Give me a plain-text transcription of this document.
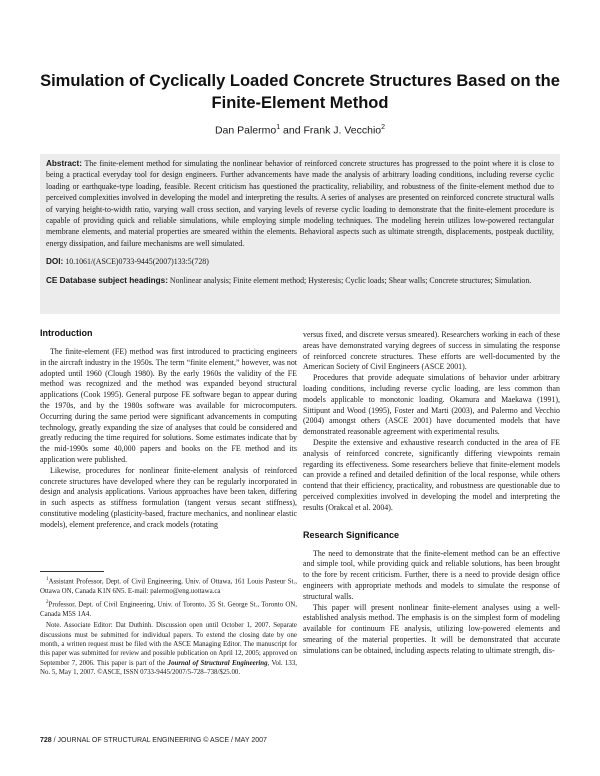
Simulation of Cyclically Loaded Concrete Structures Based on the Finite-Element Method
Dan Palermo$^1$ and Frank J. Vecchio$^2$

Abstract: The finite-element method for simulating the nonlinear behavior of reinforced concrete structures has progressed to the point where it is close to being a practical everyday tool for design engineers. Further advancements have made the analysis of arbitrary loading conditions, including reverse cyclic loading or earthquake-type loading, feasible. Recent criticism has questioned the practicality, reliability, and robustness of the finite-element method due to perceived complexities involved in developing the model and interpreting the results. A series of analyses are presented on reinforced concrete structural walls of varying height-to-width ratio, varying wall cross section, and varying levels of reverse cyclic loading to demonstrate that the finite-element procedure is capable of providing quick and reliable simulations, while employing simple modeling techniques. The modeling herein utilizes low-powered rectangular membrane elements, and material properties are smeared within the elements. Behavioral aspects such as ultimate strength, displacements, postpeak ductility, energy dissipation, and failure mechanisms are well simulated.

DOI: 10.1061/(ASCE)0733-9445(2007)133:5(728)

CE Database subject headings: Nonlinear analysis; Finite element method; Hysteresis; Cyclic loads; Shear walls; Concrete structures; Simulation.

Introduction

The finite-element (FE) method was first introduced to practicing engineers in the aircraft industry in the 1950s. The term “finite element,” however, was not adopted until 1960 (Clough 1980). By the early 1960s the validity of the FE method was recognized and the method was expanded beyond structural applications (Cook 1995). General purpose FE software began to appear during the 1970s, and by the 1980s software was available for microcomputers. Occurring during the same period were significant advancements in computing technology, greatly expanding the size of analyses that could be considered and greatly reducing the time required for solutions. Some estimates indicate that by the mid-1990s some 40,000 papers and books on the FE method and its application were published.

Likewise, procedures for nonlinear finite-element analysis of reinforced concrete structures have developed where they can be regularly incorporated in design and analysis applications. Various approaches have been taken, differing in such aspects as stiffness formulation (tangent versus secant stiffness), constitutive modeling (plasticity-based, fracture mechanics, and nonlinear elastic models), element preference, and crack models (rotating

$^1$Assistant Professor, Dept. of Civil Engineering, Univ. of Ottawa, 161 Louis Pasteur St., Ottawa ON, Canada K1N 6N5. E-mail: palermo@eng.uottawa.ca

$^2$Professor, Dept. of Civil Engineering, Univ. of Toronto, 35 St. George St., Toronto ON, Canada M5S 1A4.

Note. Associate Editor: Dat Duthinh. Discussion open until October 1, 2007. Separate discussions must be submitted for individual papers. To extend the closing date by one month, a written request must be filed with the ASCE Managing Editor. The manuscript for this paper was submitted for review and possible publication on April 12, 2005; approved on September 7, 2006. This paper is part of the Journal of Structural Engineering, Vol. 133, No. 5, May 1, 2007. ©ASCE, ISSN 0733-9445/2007/5-728–738/$25.00.

versus fixed, and discrete versus smeared). Researchers working in each of these areas have demonstrated varying degrees of success in simulating the response of reinforced concrete structures. These efforts are well-documented by the American Society of Civil Engineers (ASCE 2001).

Procedures that provide adequate simulations of behavior under arbitrary loading conditions, including reverse cyclic loading, are less common than models applicable to monotonic loading. Okamura and Maekawa (1991), Sittipunt and Wood (1995), Foster and Marti (2003), and Palermo and Vecchio (2004) amongst others (ASCE 2001) have documented models that have demonstrated reasonable agreement with experimental results.

Despite the extensive and exhaustive research conducted in the area of FE analysis of reinforced concrete, significantly differing viewpoints remain regarding its effectiveness. Some researchers believe that finite-element models can provide a refined and detailed definition of the local response, while others contend that their efficiency, practicality, and robustness are questionable due to perceived complexities involved in developing the model and interpreting the results (Orakcal et al. 2004).

Research Significance

The need to demonstrate that the finite-element method can be an effective and simple tool, while providing quick and reliable solutions, has been brought to the fore by recent criticism. Further, there is a need to provide design office engineers with appropriate methods and models to simulate the response of structural walls.

This paper will present nonlinear finite-element analyses using a well-established analysis method. The emphasis is on the simplest form of modeling available for continuum FE analysis, utilizing low-powered elements and smearing of the material properties. It will be demonstrated that accurate simulations can be obtained, including aspects relating to ultimate strength, dis-

728 / JOURNAL OF STRUCTURAL ENGINEERING © ASCE / MAY 2007
